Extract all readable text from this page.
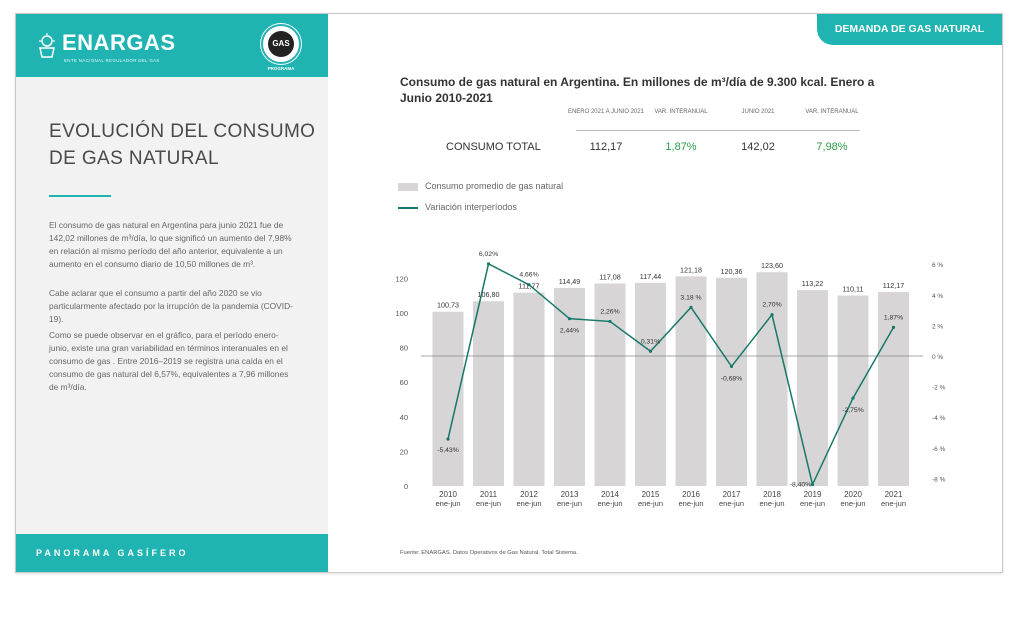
ENARGAS
ENTE NACIONAL REGULADOR DEL GAS
GAS
PROGRAMA
EVOLUCIÓN DEL CONSUMO DE GAS NATURAL
El consumo de gas natural en Argentina para junio 2021 fue de 142,02 millones de m³/día, lo que significó un aumento del 7,98% en relación al mismo período del año anterior, equivalente a un aumento en el consumo diario de 10,50 millones de m³.
Cabe aclarar que el consumo a partir del año 2020 se vio particularmente afectado por la irrupción de la pandemia (COVID-19).
Como se puede observar en el gráfico, para el período enero-junio, existe una gran variabilidad en términos interanuales en el consumo de gas . Entre 2016–2019 se registra una caída en el consumo de gas natural del 6,57%, equivalentes a 7,96 millones de m³/día.
PANORAMA GASÍFERO
DEMANDA DE GAS NATURAL
Consumo de gas natural en Argentina. En millones de m³/día de 9.300 kcal. Enero a Junio 2010-2021
ENERO 2021 A JUNIO 2021	VAR. INTERANUAL	JUNIO 2021	VAR. INTERANUAL
CONSUMO TOTAL	112,17	1,87%	142,02	7,98%
Consumo promedio de gas natural
Variación interperíodos
100,73
106,80
111,77
114,49	117,08	117,44
121,18	120,36
123,60
113,22
110,11	112,17
-5,43%
6,02%
4,66%
2,44%
2,26%
0,31%
3,18 %
-0,68%
2,70%
-8,40%
-2,75%
1,87%
0
20
40
60
80
100
120
-8 %
-6 %
-4 %
-2 %
0 %
2 %
4 %
6 %
2010
ene-jun
2011
ene-jun
2012
ene-jun
2013
ene-jun
2014
ene-jun
2015
ene-jun
2016
ene-jun
2017
ene-jun
2018
ene-jun
2019
ene-jun
2020
ene-jun
2021
ene-jun
Fuente: ENARGAS. Datos Operativos de Gas Natural. Total Sistema.
